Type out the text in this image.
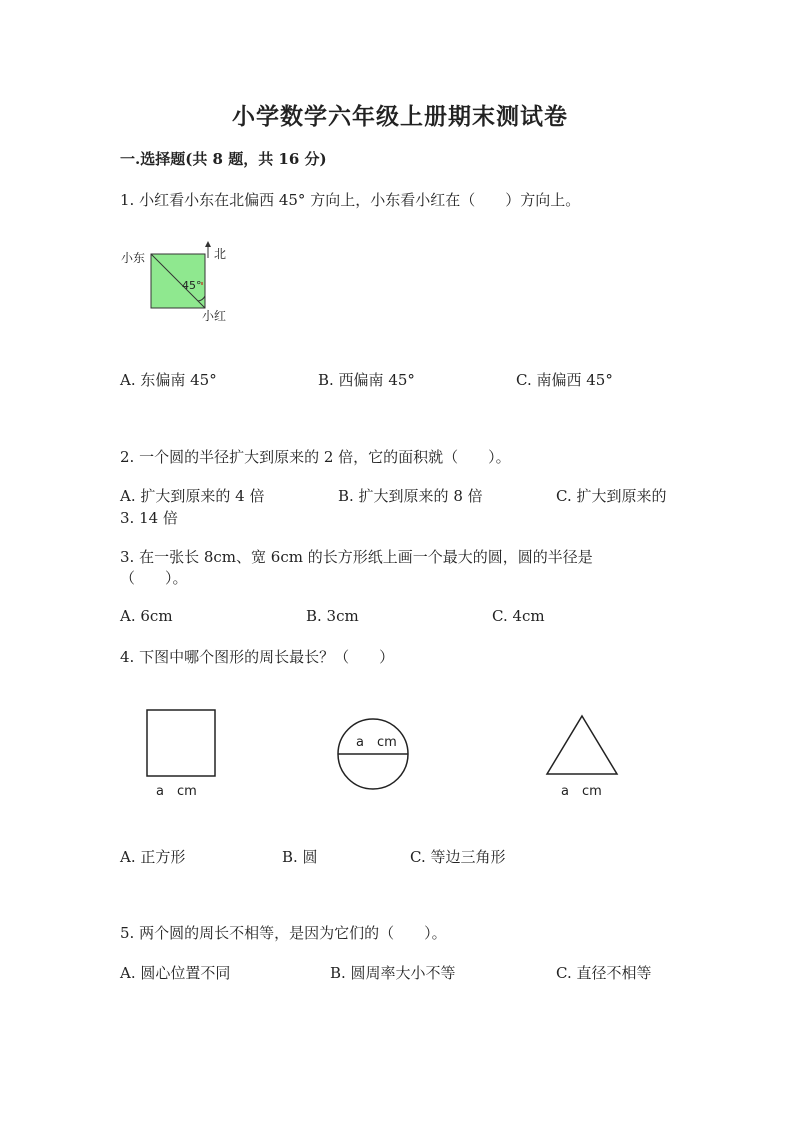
小学数学六年级上册期末测试卷
一.选择题(共 8 题，共 16 分)
1. 小红看小东在北偏西 45° 方向上，小东看小红在（　　）方向上。
小东	北
45°
小红
A. 东偏南 45°	B. 西偏南 45°	C. 南偏西 45°
2. 一个圆的半径扩大到原来的 2 倍，它的面积就（　　）。
A. 扩大到原来的 4 倍	B. 扩大到原来的 8 倍	C. 扩大到原来的
3. 14 倍
3. 在一张长 8cm、宽 6cm 的长方形纸上画一个最大的圆，圆的半径是
（　　）。
A. 6cm	B. 3cm	C. 4cm
4. 下图中哪个图形的周长最长？（　　）
a　cm
a　cm
a　cm
A. 正方形	B. 圆	C. 等边三角形
5. 两个圆的周长不相等，是因为它们的（　　）。
A. 圆心位置不同	B. 圆周率大小不等	C. 直径不相等
